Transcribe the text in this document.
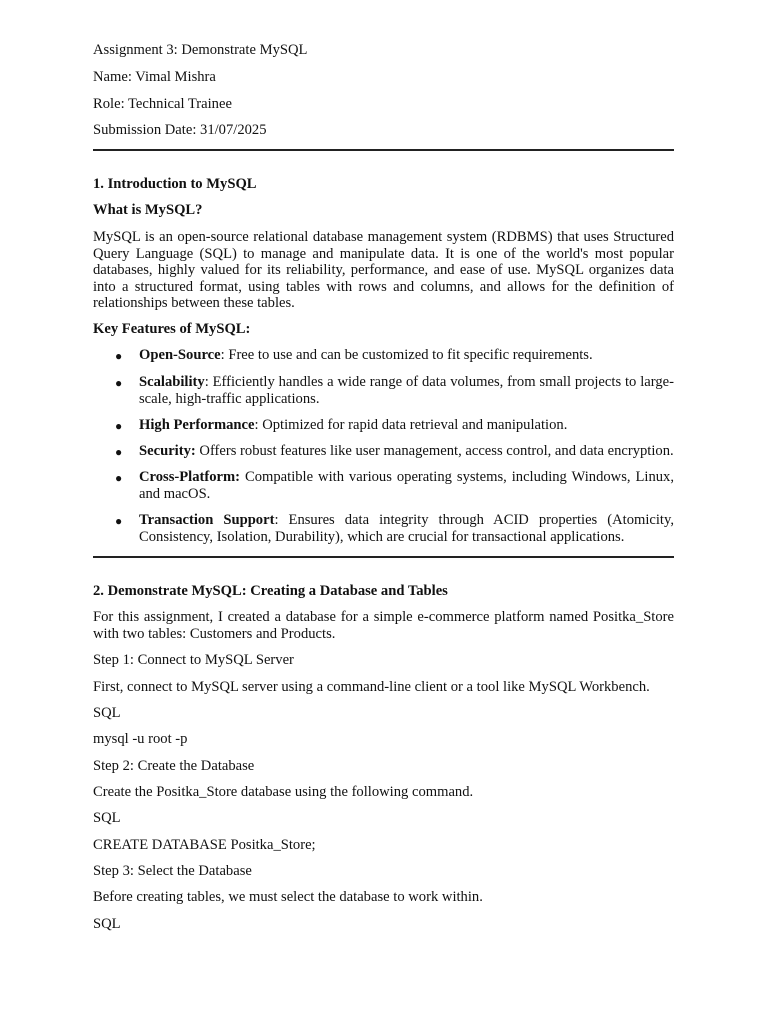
Assignment 3: Demonstrate MySQL

Name: Vimal Mishra

Role: Technical Trainee

Submission Date: 31/07/2025

1. Introduction to MySQL

What is MySQL?

MySQL is an open-source relational database management system (RDBMS) that uses Structured Query Language (SQL) to manage and manipulate data. It is one of the world's most popular databases, highly valued for its reliability, performance, and ease of use. MySQL organizes data into a structured format, using tables with rows and columns, and allows for the definition of relationships between these tables.

Key Features of MySQL:

● Open-Source: Free to use and can be customized to fit specific requirements.

● Scalability: Efficiently handles a wide range of data volumes, from small projects to large-scale, high-traffic applications.

● High Performance: Optimized for rapid data retrieval and manipulation.

● Security: Offers robust features like user management, access control, and data encryption.

● Cross-Platform: Compatible with various operating systems, including Windows, Linux, and macOS.

● Transaction Support: Ensures data integrity through ACID properties (Atomicity, Consistency, Isolation, Durability), which are crucial for transactional applications.

2. Demonstrate MySQL: Creating a Database and Tables

For this assignment, I created a database for a simple e-commerce platform named Positka_Store with two tables: Customers and Products.

Step 1: Connect to MySQL Server

First, connect to MySQL server using a command-line client or a tool like MySQL Workbench.

SQL

mysql -u root -p

Step 2: Create the Database

Create the Positka_Store database using the following command.

SQL

CREATE DATABASE Positka_Store;

Step 3: Select the Database

Before creating tables, we must select the database to work within.

SQL
